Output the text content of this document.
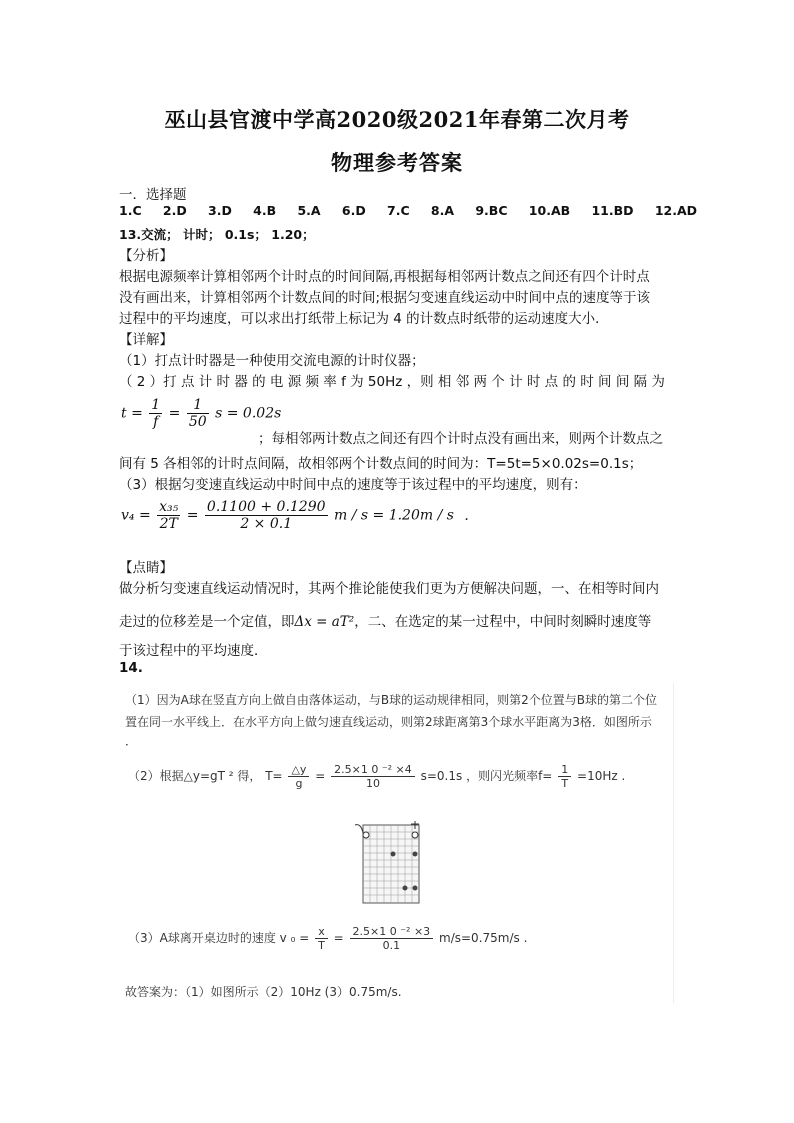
巫山县官渡中学高2020级2021年春第二次月考
物理参考答案
一．选择题
1.C 2.D 3.D 4.B 5.A 6.D 7.C 8.A 9.BC 10.AB 11.BD 12.AD
13.交流； 计时； 0.1s； 1.20；
【分析】
根据电源频率计算相邻两个计时点的时间间隔,再根据每相邻两计数点之间还有四个计时点
没有画出来，计算相邻两个计数点间的时间;根据匀变速直线运动中时间中点的速度等于该
过程中的平均速度，可以求出打纸带上标记为 4 的计数点时纸带的运动速度大小．
【详解】
（1）打点计时器是一种使用交流电源的计时仪器；
（ 2 ）打 点 计 时 器 的 电 源 频 率 f 为 50Hz ，则 相 邻 两 个 计 时 点 的 时 间 间 隔 为
$t = \frac{1}{f} = \frac{1}{50}$ s = 0.02s
；每相邻两计数点之间还有四个计时点没有画出来，则两个计数点之
间有 5 各相邻的计时点间隔，故相邻两个计数点间的时间为：T=5t=5×0.02s=0.1s；
（3）根据匀变速直线运动中时间中点的速度等于该过程中的平均速度，则有：
$v_4 = \frac{\text{x₃₅}}{2T} = \frac{0.1100 + 0.1290}{2 \times 0.1}$ m / s = 1.20m / s .
【点睛】
做分析匀变速直线运动情况时，其两个推论能使我们更为方便解决问题，一、在相等时间内
走过的位移差是一个定值，即Δx = aT²，二、在选定的某一过程中，中间时刻瞬时速度等
于该过程中的平均速度．
14.
（1）因为A球在竖直方向上做自由落体运动，与B球的运动规律相同，则第2个位置与B球的第二个位
置在同一水平线上．在水平方向上做匀速直线运动，则第2球距离第3个球水平距离为3格．如图所示
．
（2）根据△y=gT ² 得， $T= \frac{\triangle y}{g} = \frac{\text{2.5×1 0 ⁻² ×4}}{10} s=0.1s$ ，则闪光频率$f= \frac{1}{T} =10Hz$ .
（3）A球离开桌边时的速度 v $_0 = \frac{x}{T} = \frac{\text{2.5×1 0 ⁻² ×3}}{0.1} m/s=0.75m/s$ .
故答案为：（1）如图所示（2）10Hz (3）0.75m/s.
